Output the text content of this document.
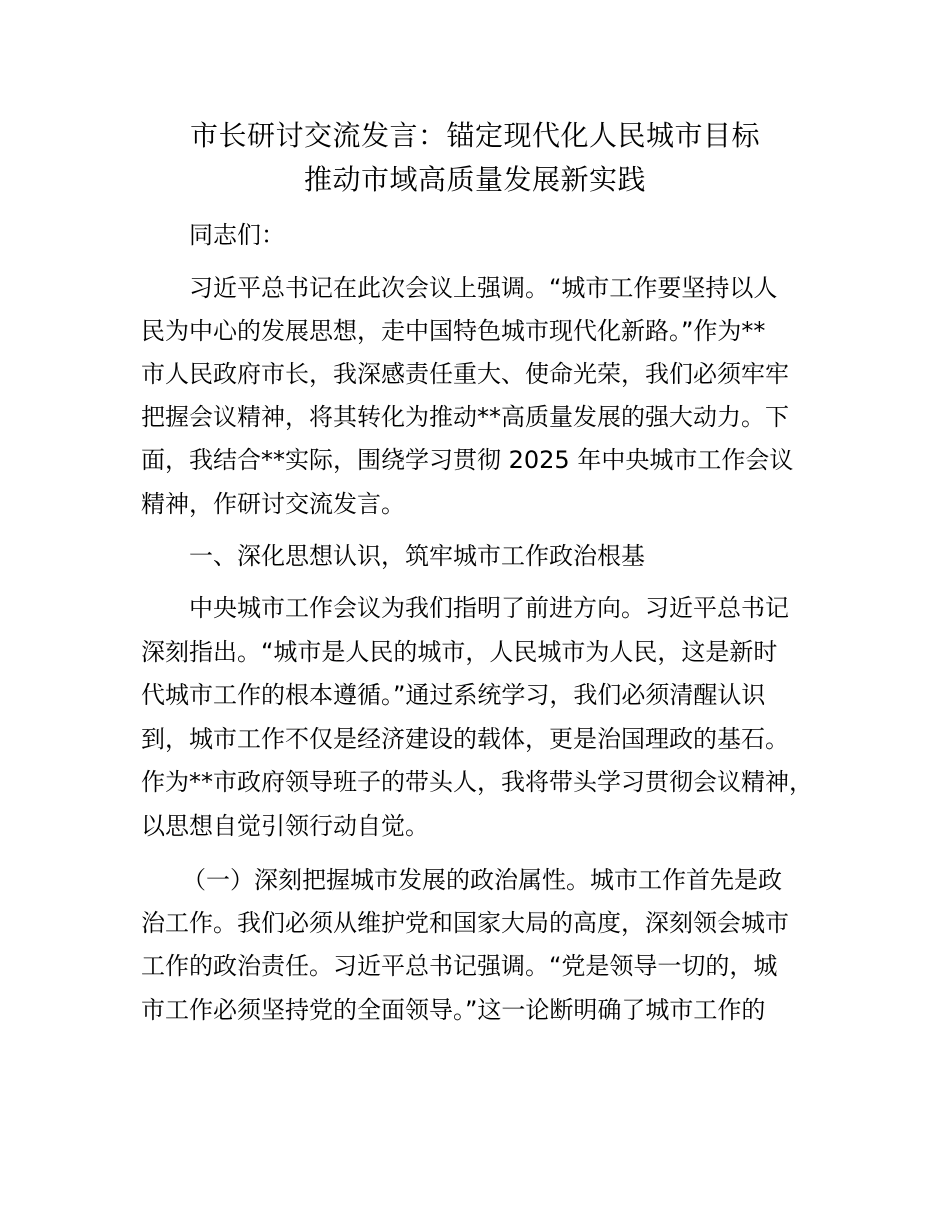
市长研讨交流发言：锚定现代化人民城市目标
推动市域高质量发展新实践

同志们：

习近平总书记在此次会议上强调。“城市工作要坚持以人

民为中心的发展思想，走中国特色城市现代化新路。”作为**

市人民政府市长，我深感责任重大、使命光荣，我们必须牢牢

把握会议精神，将其转化为推动**高质量发展的强大动力。下

面，我结合**实际，围绕学习贯彻 2025 年中央城市工作会议

精神，作研讨交流发言。

一、深化思想认识，筑牢城市工作政治根基

中央城市工作会议为我们指明了前进方向。习近平总书记

深刻指出。“城市是人民的城市，人民城市为人民，这是新时

代城市工作的根本遵循。”通过系统学习，我们必须清醒认识

到，城市工作不仅是经济建设的载体，更是治国理政的基石。

作为**市政府领导班子的带头人，我将带头学习贯彻会议精神，

以思想自觉引领行动自觉。

（一）深刻把握城市发展的政治属性。城市工作首先是政

治工作。我们必须从维护党和国家大局的高度，深刻领会城市

工作的政治责任。习近平总书记强调。“党是领导一切的，城

市工作必须坚持党的全面领导。”这一论断明确了城市工作的
